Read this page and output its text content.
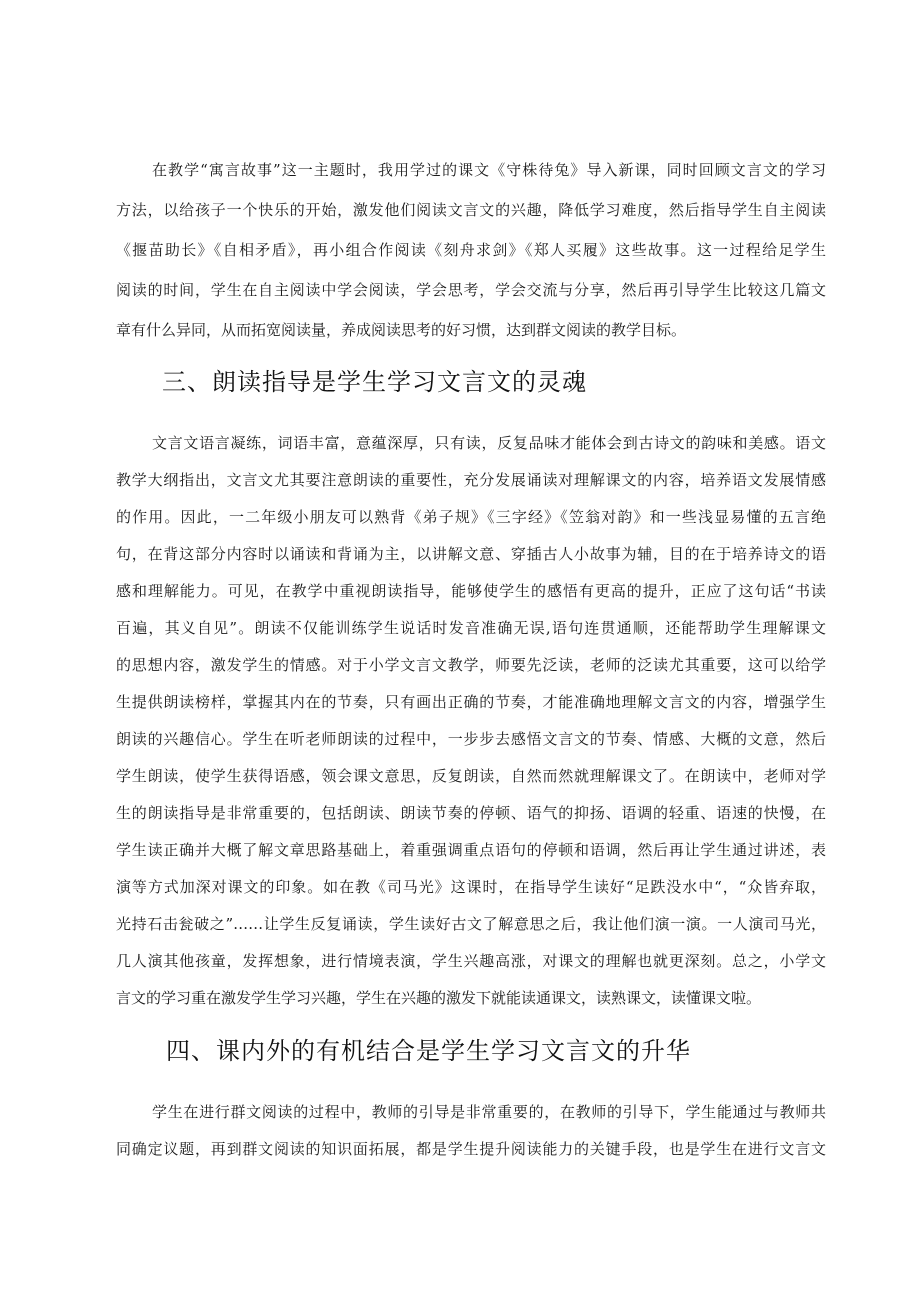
在教学“寓言故事”这一主题时，我用学过的课文《守株待兔》导入新课，同时回顾文言文的学习
方法，以给孩子一个快乐的开始，激发他们阅读文言文的兴趣，降低学习难度，然后指导学生自主阅读
《揠苗助长》《自相矛盾》，再小组合作阅读《刻舟求剑》《郑人买履》这些故事。这一过程给足学生
阅读的时间，学生在自主阅读中学会阅读，学会思考，学会交流与分享，然后再引导学生比较这几篇文
章有什么异同，从而拓宽阅读量，养成阅读思考的好习惯，达到群文阅读的教学目标。
三、朗读指导是学生学习文言文的灵魂
文言文语言凝练，词语丰富，意蕴深厚，只有读，反复品味才能体会到古诗文的韵味和美感。语文
教学大纲指出，文言文尤其要注意朗读的重要性，充分发展诵读对理解课文的内容，培养语文发展情感
的作用。因此，一二年级小朋友可以熟背《弟子规》《三字经》《笠翁对韵》和一些浅显易懂的五言绝
句，在背这部分内容时以诵读和背诵为主，以讲解文意、穿插古人小故事为辅，目的在于培养诗文的语
感和理解能力。可见，在教学中重视朗读指导，能够使学生的感悟有更高的提升，正应了这句话“书读
百遍，其义自见”。朗读不仅能训练学生说话时发音准确无误,语句连贯通顺，还能帮助学生理解课文
的思想内容，激发学生的情感。对于小学文言文教学，师要先泛读，老师的泛读尤其重要，这可以给学
生提供朗读榜样，掌握其内在的节奏，只有画出正确的节奏，才能准确地理解文言文的内容，增强学生
朗读的兴趣信心。学生在听老师朗读的过程中，一步步去感悟文言文的节奏、情感、大概的文意，然后
学生朗读，使学生获得语感，领会课文意思，反复朗读，自然而然就理解课文了。在朗读中，老师对学
生的朗读指导是非常重要的，包括朗读、朗读节奏的停顿、语气的抑扬、语调的轻重、语速的快慢，在
学生读正确并大概了解文章思路基础上，着重强调重点语句的停顿和语调，然后再让学生通过讲述，表
演等方式加深对课文的印象。如在教《司马光》这课时，在指导学生读好“足跌没水中“，“众皆弃取，
光持石击瓮破之”……让学生反复诵读，学生读好古文了解意思之后，我让他们演一演。一人演司马光，
几人演其他孩童，发挥想象，进行情境表演，学生兴趣高涨，对课文的理解也就更深刻。总之，小学文
言文的学习重在激发学生学习兴趣，学生在兴趣的激发下就能读通课文，读熟课文，读懂课文啦。
四、课内外的有机结合是学生学习文言文的升华
学生在进行群文阅读的过程中，教师的引导是非常重要的，在教师的引导下，学生能通过与教师共
同确定议题，再到群文阅读的知识面拓展，都是学生提升阅读能力的关键手段，也是学生在进行文言文
